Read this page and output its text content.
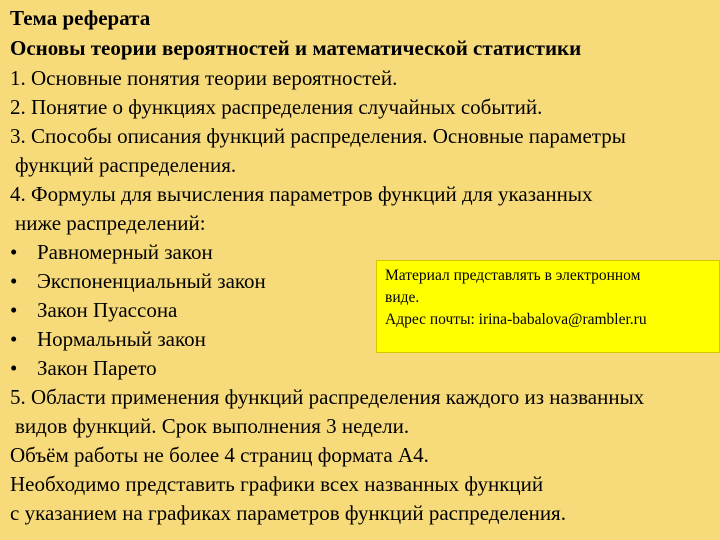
Тема реферата
Основы теории вероятностей и математической статистики
1. Основные понятия теории вероятностей.
2. Понятие о функциях распределения случайных событий.
3. Способы описания функций распределения. Основные параметры
функций распределения.
4. Формулы для вычисления параметров функций для указанных
ниже распределений:
• Равномерный закон
• Экспоненциальный закон
• Закон Пуассона
• Нормальный закон
• Закон Парето
5. Области применения функций распределения каждого из названных
видов функций. Срок выполнения 3 недели.
Объём работы не более 4 страниц формата А4.
Необходимо представить графики всех названных функций
с указанием на графиках параметров функций распределения.
Материал представлять в электронном
виде.
Адрес почты: irina-babalova@rambler.ru
